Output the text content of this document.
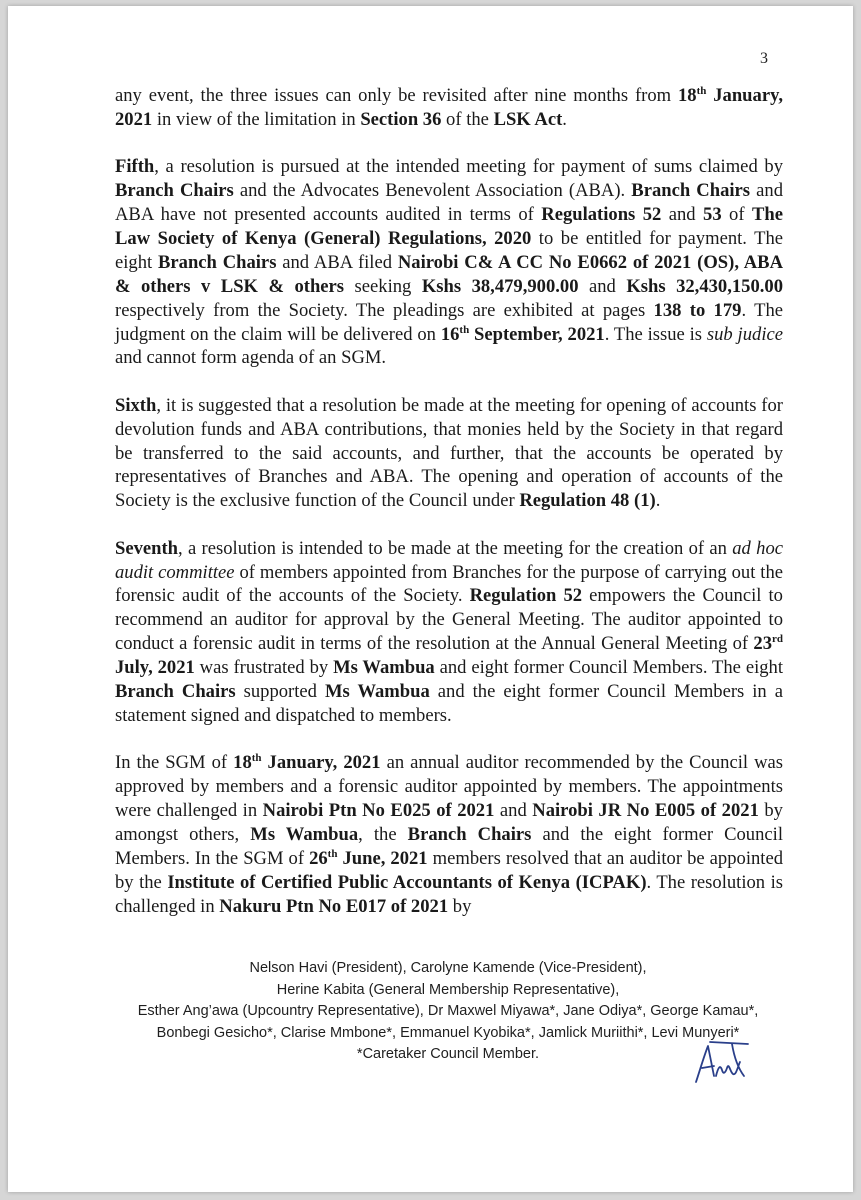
3

any event, the three issues can only be revisited after nine months from 18th January, 2021 in view of the limitation in Section 36 of the LSK Act.

Fifth, a resolution is pursued at the intended meeting for payment of sums claimed by Branch Chairs and the Advocates Benevolent Association (ABA). Branch Chairs and ABA have not presented accounts audited in terms of Regulations 52 and 53 of The Law Society of Kenya (General) Regulations, 2020 to be entitled for payment. The eight Branch Chairs and ABA filed Nairobi C& A CC No E0662 of 2021 (OS), ABA & others v LSK & others seeking Kshs 38,479,900.00 and Kshs 32,430,150.00 respectively from the Society. The pleadings are exhibited at pages 138 to 179. The judgment on the claim will be delivered on 16th September, 2021. The issue is sub judice and cannot form agenda of an SGM.

Sixth, it is suggested that a resolution be made at the meeting for opening of accounts for devolution funds and ABA contributions, that monies held by the Society in that regard be transferred to the said accounts, and further, that the accounts be operated by representatives of Branches and ABA. The opening and operation of accounts of the Society is the exclusive function of the Council under Regulation 48 (1).

Seventh, a resolution is intended to be made at the meeting for the creation of an ad hoc audit committee of members appointed from Branches for the purpose of carrying out the forensic audit of the accounts of the Society. Regulation 52 empowers the Council to recommend an auditor for approval by the General Meeting. The auditor appointed to conduct a forensic audit in terms of the resolution at the Annual General Meeting of 23rd July, 2021 was frustrated by Ms Wambua and eight former Council Members. The eight Branch Chairs supported Ms Wambua and the eight former Council Members in a statement signed and dispatched to members.

In the SGM of 18th January, 2021 an annual auditor recommended by the Council was approved by members and a forensic auditor appointed by members. The appointments were challenged in Nairobi Ptn No E025 of 2021 and Nairobi JR No E005 of 2021 by amongst others, Ms Wambua, the Branch Chairs and the eight former Council Members. In the SGM of 26th June, 2021 members resolved that an auditor be appointed by the Institute of Certified Public Accountants of Kenya (ICPAK). The resolution is challenged in Nakuru Ptn No E017 of 2021 by

Nelson Havi (President), Carolyne Kamende (Vice-President),
Herine Kabita (General Membership Representative),
Esther Ang’awa (Upcountry Representative), Dr Maxwel Miyawa*, Jane Odiya*, George Kamau*,
Bonbegi Gesicho*, Clarise Mmbone*, Emmanuel Kyobika*, Jamlick Muriithi*, Levi Munyeri*
*Caretaker Council Member.
